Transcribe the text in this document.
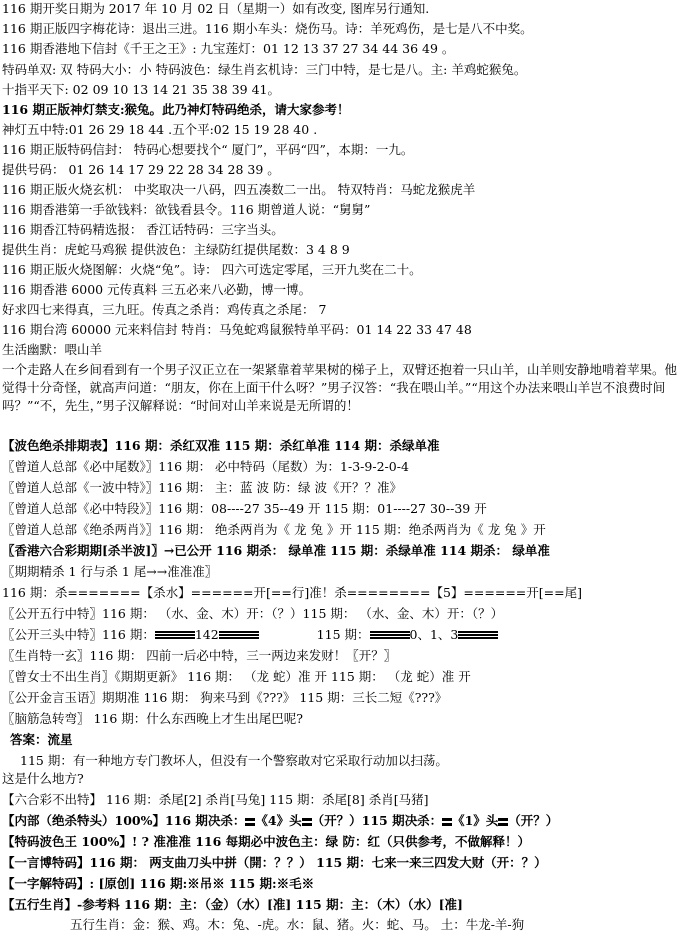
116 期开奖日期为 2017 年 10 月 02 日（星期一）如有改变, 图库另行通知.
116 期正版四字梅花诗：退出三进。116 期小车头：烧伤马。诗：羊死鸡伤，是七是八不中奖。
116 期香港地下信封《千王之王》: 九宝莲灯：01 12 13 37 27 34 44 36 49 。
特码单双: 双 特码大小：小 特码波色：绿生肖玄机诗：三门中特，是七是八。主: 羊鸡蛇猴兔。
十指平天下: 02 09 10 13 14 21 35 38 39 41。
116 期正版神灯禁支:猴兔。此乃神灯特码绝杀，请大家参考！
神灯五中特:01 26 29 18 44 .五个平:02 15 19 28 40 .
116 期正版特码信封： 特码心想要找个“ 厦门”，平码“四”，本期：一九。
提供号码： 01 26 14 17 29 22 28 34 28 39 。
116 期正版火烧玄机： 中奖取决一八码，四五凑数二一出。 特双特肖：马蛇龙猴虎羊
116 期香港第一手欲钱料：欲钱看县令。116 期曾道人说：“舅舅”
116 期香江特码精选报： 香江话特码：三字当头。
提供生肖：虎蛇马鸡猴 提供波色：主绿防红提供尾数：3 4 8 9
116 期正版火烧图解：火烧“兔”。诗： 四六可选定零尾，三开九奖在二十。
116 期香港 6000 元传真料 三五必来八必勤，博一博。
好求四七来得真，三九旺。传真之杀肖：鸡传真之杀尾： 7
116 期台湾 60000 元来料信封 特肖：马兔蛇鸡鼠猴特单平码：01 14 22 33 47 48
生活幽默：喂山羊
一个走路人在乡间看到有一个男子汉正立在一架紧靠着苹果树的梯子上，双臂还抱着一只山羊，山羊则安静地啃着苹果。他觉得十分奇怪，就高声问道：“朋友，你在上面干什么呀？”男子汉答：“我在喂山羊。”“用这个办法来喂山羊岂不浪费时间吗？”“不，先生，”男子汉解释说：“时间对山羊来说是无所谓的！
【波色绝杀排期表】116 期：杀红双准 115 期：杀红单准 114 期：杀绿单准
〖曾道人总部《必中尾数》〗116 期： 必中特码（尾数）为：1-3-9-2-0-4
〖曾道人总部《一波中特》〗116 期： 主：蓝 波 防：绿 波《开？？准》
〖曾道人总部《必中特段》〗116 期：08----27 35--49 开 115 期：01----27 30--39 开
〖曾道人总部《绝杀两肖》〗116 期： 绝杀两肖为《 龙 兔 》开 115 期：绝杀两肖为《 龙 兔 》开
〖香港六合彩期期[杀半波]〗→已公开 116 期杀： 绿单准 115 期：杀绿单准 114 期杀： 绿单准
〖期期精杀 1 行与杀 1 尾→→准准准〗
116 期：杀=======【杀水】======开[==行]准！杀========【5】======开[==尾]
〖公开五行中特〗116 期： （水、金、木）开：（？）115 期： （水、金、木）开：（？）
〖公开三头中特〗116 期：	142	115 期：	0、1、3
〖生肖特一玄〗116 期： 四前一后必中特，三一两边来发财！〖开？〗
〖曾女士不出生肖〗《期期更新》 116 期： （龙 蛇）准 开 115 期： （龙 蛇）准 开
〖公开金言玉语〗期期准 116 期： 狗来马到《???》 115 期：三长二短《???》
〖脑筋急转弯〗 116 期：什么东西晚上才生出尾巴呢?
答案：流星
115 期：有一种地方专门教坏人，但没有一个警察敢对它采取行动加以扫荡。
这是什么地方?
【六合彩不出特】 116 期：杀尾[2] 杀肖[马兔] 115 期：杀尾[8] 杀肖[马猪]
【内部（绝杀特头）100%】116 期决杀： 《4》头 （开？）115 期决杀： 《1》头 （开？）
【特码波色王 100%】! ? 准准准 116 每期必中波色主：绿 防：红（只供参考，不做解释！）
【一言博特码】116 期： 两支曲刀头中拼（開：？？） 115 期：七来一来三四发大财（开：？）
【一字解特码】: [原创] 116 期:※吊※ 115 期:※毛※
【五行生肖】-参考料 116 期：主：（金）（水）[准] 115 期：主：（木）（水）[准]
五行生肖：金：猴、鸡。木：兔、-虎。水：鼠、猪。火：蛇、马。 土：牛龙-羊-狗
